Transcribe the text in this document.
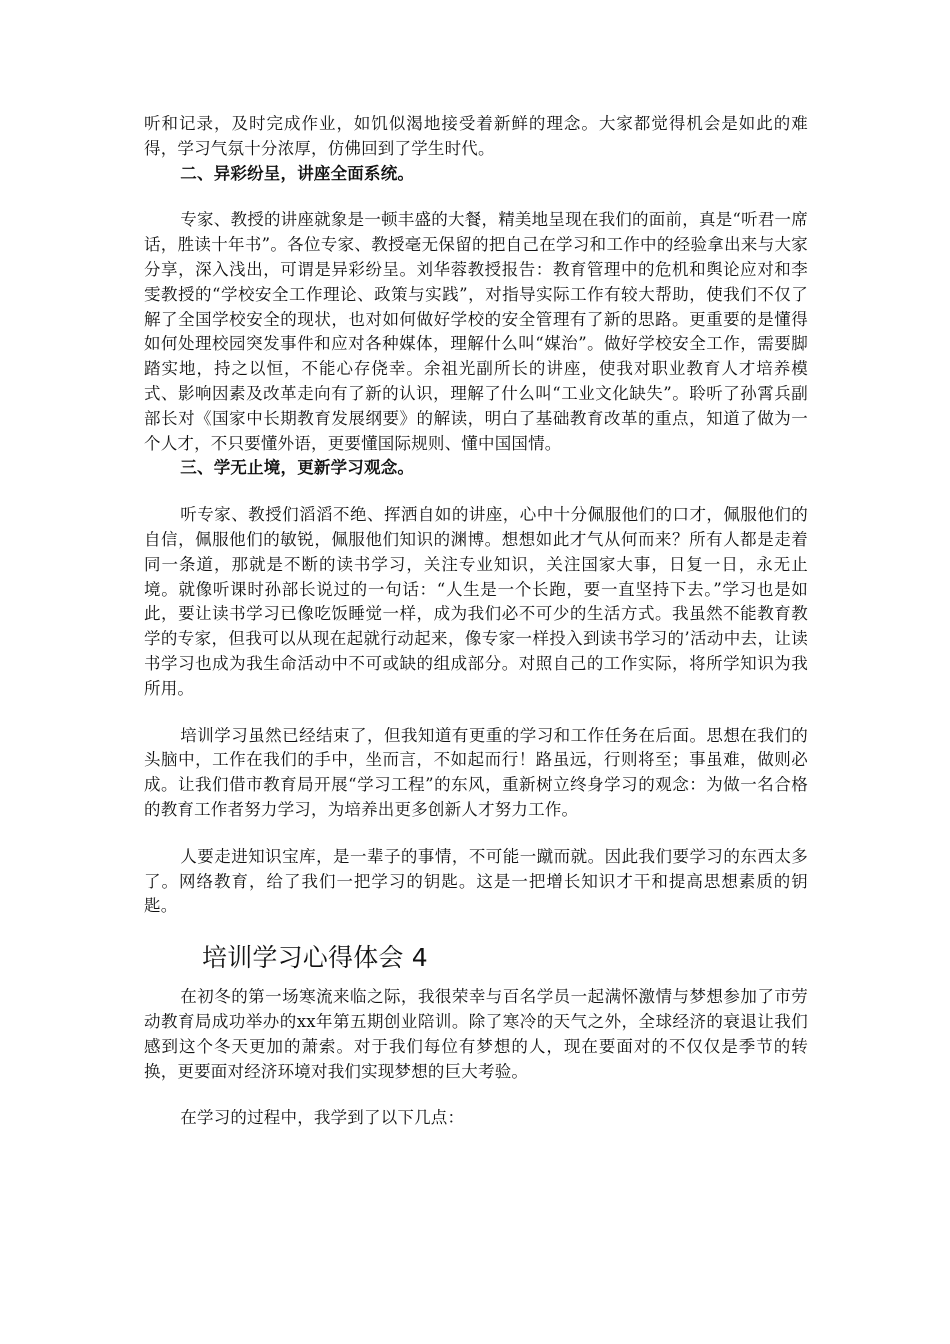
听和记录，及时完成作业，如饥似渴地接受着新鲜的理念。大家都觉得机会是如此的难得，学习气氛十分浓厚，仿佛回到了学生时代。

二、异彩纷呈，讲座全面系统。

专家、教授的讲座就象是一顿丰盛的大餐，精美地呈现在我们的面前，真是“听君一席话，胜读十年书”。各位专家、教授毫无保留的把自己在学习和工作中的经验拿出来与大家分享，深入浅出，可谓是异彩纷呈。刘华蓉教授报告：教育管理中的危机和舆论应对和李雯教授的“学校安全工作理论、政策与实践”，对指导实际工作有较大帮助，使我们不仅了解了全国学校安全的现状，也对如何做好学校的安全管理有了新的思路。更重要的是懂得如何处理校园突发事件和应对各种媒体，理解什么叫“媒治”。做好学校安全工作，需要脚踏实地，持之以恒，不能心存侥幸。余祖光副所长的讲座，使我对职业教育人才培养模式、影响因素及改革走向有了新的认识，理解了什么叫“工业文化缺失”。聆听了孙霄兵副部长对《国家中长期教育发展纲要》的解读，明白了基础教育改革的重点，知道了做为一个人才，不只要懂外语，更要懂国际规则、懂中国国情。

三、学无止境，更新学习观念。

听专家、教授们滔滔不绝、挥洒自如的讲座，心中十分佩服他们的口才，佩服他们的自信，佩服他们的敏锐，佩服他们知识的渊博。想想如此才气从何而来？所有人都是走着同一条道，那就是不断的读书学习，关注专业知识，关注国家大事，日复一日，永无止境。就像听课时孙部长说过的一句话：“人生是一个长跑，要一直坚持下去。”学习也是如此，要让读书学习已像吃饭睡觉一样，成为我们必不可少的生活方式。我虽然不能教育教学的专家，但我可以从现在起就行动起来，像专家一样投入到读书学习的’活动中去，让读书学习也成为我生命活动中不可或缺的组成部分。对照自己的工作实际，将所学知识为我所用。

培训学习虽然已经结束了，但我知道有更重的学习和工作任务在后面。思想在我们的头脑中，工作在我们的手中，坐而言，不如起而行！路虽远，行则将至；事虽难，做则必成。让我们借市教育局开展“学习工程”的东风，重新树立终身学习的观念：为做一名合格的教育工作者努力学习，为培养出更多创新人才努力工作。

人要走进知识宝库，是一辈子的事情，不可能一蹴而就。因此我们要学习的东西太多了。网络教育，给了我们一把学习的钥匙。这是一把增长知识才干和提高思想素质的钥匙。

培训学习心得体会 4

在初冬的第一场寒流来临之际，我很荣幸与百名学员一起满怀激情与梦想参加了市劳动教育局成功举办的xx年第五期创业陪训。除了寒冷的天气之外，全球经济的衰退让我们感到这个冬天更加的萧索。对于我们每位有梦想的人，现在要面对的不仅仅是季节的转换，更要面对经济环境对我们实现梦想的巨大考验。

在学习的过程中，我学到了以下几点：
